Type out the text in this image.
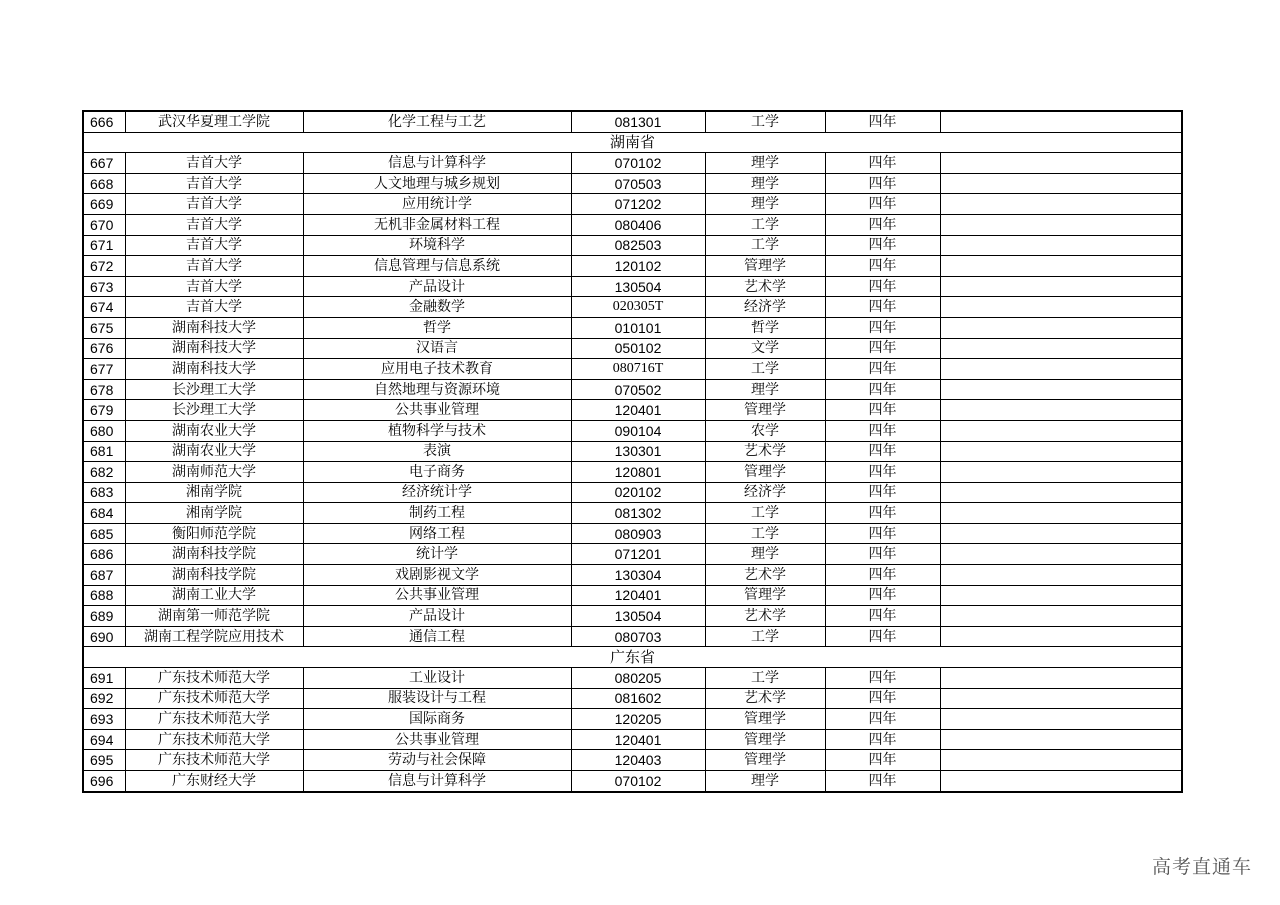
666	武汉华夏理工学院	化学工程与工艺	081301	工学	四年	
湖南省						
667	吉首大学	信息与计算科学	070102	理学	四年	
668	吉首大学	人文地理与城乡规划	070503	理学	四年	
669	吉首大学	应用统计学	071202	理学	四年	
670	吉首大学	无机非金属材料工程	080406	工学	四年	
671	吉首大学	环境科学	082503	工学	四年	
672	吉首大学	信息管理与信息系统	120102	管理学	四年	
673	吉首大学	产品设计	130504	艺术学	四年	
674	吉首大学	金融数学	020305T	经济学	四年	
675	湖南科技大学	哲学	010101	哲学	四年	
676	湖南科技大学	汉语言	050102	文学	四年	
677	湖南科技大学	应用电子技术教育	080716T	工学	四年	
678	长沙理工大学	自然地理与资源环境	070502	理学	四年	
679	长沙理工大学	公共事业管理	120401	管理学	四年	
680	湖南农业大学	植物科学与技术	090104	农学	四年	
681	湖南农业大学	表演	130301	艺术学	四年	
682	湖南师范大学	电子商务	120801	管理学	四年	
683	湘南学院	经济统计学	020102	经济学	四年	
684	湘南学院	制药工程	081302	工学	四年	
685	衡阳师范学院	网络工程	080903	工学	四年	
686	湖南科技学院	统计学	071201	理学	四年	
687	湖南科技学院	戏剧影视文学	130304	艺术学	四年	
688	湖南工业大学	公共事业管理	120401	管理学	四年	
689	湖南第一师范学院	产品设计	130504	艺术学	四年	
690	湖南工程学院应用技术	通信工程	080703	工学	四年	
广东省						
691	广东技术师范大学	工业设计	080205	工学	四年	
692	广东技术师范大学	服装设计与工程	081602	艺术学	四年	
693	广东技术师范大学	国际商务	120205	管理学	四年	
694	广东技术师范大学	公共事业管理	120401	管理学	四年	
695	广东技术师范大学	劳动与社会保障	120403	管理学	四年	
696	广东财经大学	信息与计算科学	070102	理学	四年	
高考直通车
